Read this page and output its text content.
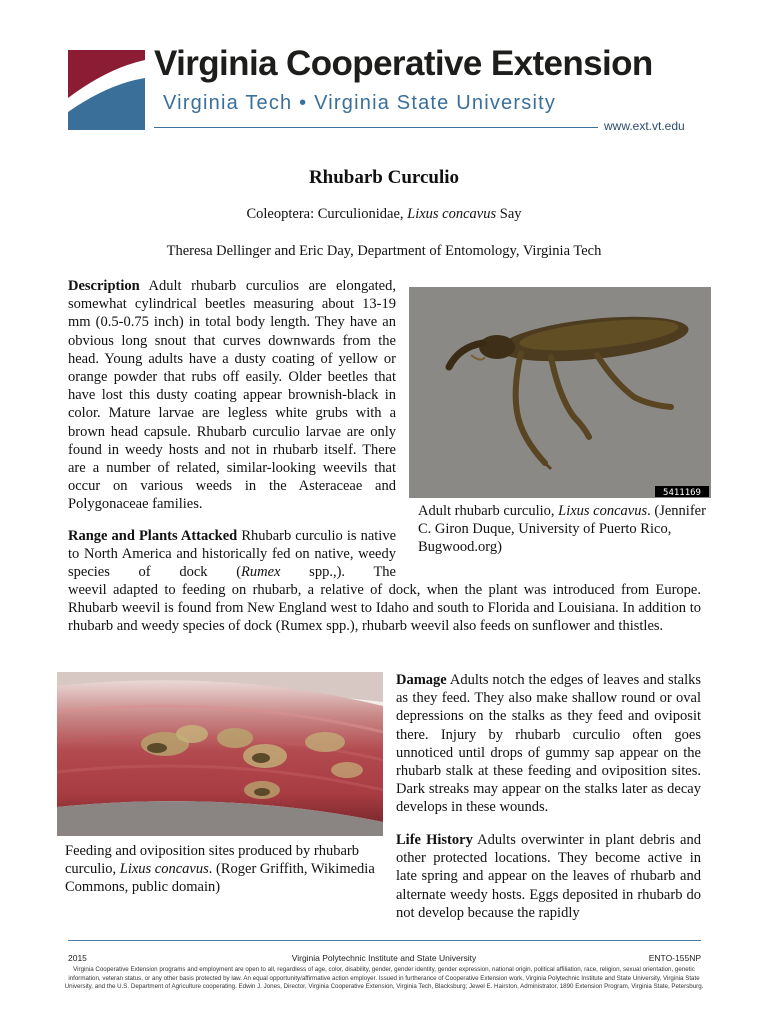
Virginia Cooperative Extension
Virginia Tech • Virginia State University
www.ext.vt.edu
Rhubarb Curculio
Coleoptera: Curculionidae, Lixus concavus Say
Theresa Dellinger and Eric Day, Department of Entomology, Virginia Tech
Description Adult rhubarb curculios are elongated, somewhat cylindrical beetles measuring about 13-19 mm (0.5-0.75 inch) in total body length. They have an obvious long snout that curves downwards from the head. Young adults have a dusty coating of yellow or orange powder that rubs off easily. Older beetles that have lost this dusty coating appear brownish-black in color. Mature larvae are legless white grubs with a brown head capsule. Rhubarb curculio larvae are only found in weedy hosts and not in rhubarb itself. There are a number of related, similar-looking weevils that occur on various weeds in the Asteraceae and Polygonaceae families.
5411169
Adult rhubarb curculio, Lixus concavus. (Jennifer C. Giron Duque, University of Puerto Rico, Bugwood.org)
Range and Plants Attacked Rhubarb curculio is native to North America and historically fed on native, weedy species of dock (Rumex spp.,). The
weevil adapted to feeding on rhubarb, a relative of dock, when the plant was introduced from Europe. Rhubarb weevil is found from New England west to Idaho and south to Florida and Louisiana. In addition to rhubarb and weedy species of dock (Rumex spp.), rhubarb weevil also feeds on sunflower and thistles.
Feeding and oviposition sites produced by rhubarb curculio, Lixus concavus. (Roger Griffith, Wikimedia Commons, public domain)
Damage Adults notch the edges of leaves and stalks as they feed. They also make shallow round or oval depressions on the stalks as they feed and oviposit there. Injury by rhubarb curculio often goes unnoticed until drops of gummy sap appear on the rhubarb stalk at these feeding and oviposition sites. Dark streaks may appear on the stalks later as decay develops in these wounds.
Life History Adults overwinter in plant debris and other protected locations. They become active in late spring and appear on the leaves of rhubarb and alternate weedy hosts. Eggs deposited in rhubarb do not develop because the rapidly
2015	Virginia Polytechnic Institute and State University	ENTO-155NP
Virginia Cooperative Extension programs and employment are open to all, regardless of age, color, disability, gender, gender identity, gender expression, national origin, political affiliation, race, religion, sexual orientation, genetic information, veteran status, or any other basis protected by law. An equal opportunity/affirmative action employer. Issued in furtherance of Cooperative Extension work, Virginia Polytechnic Institute and State University, Virginia State University, and the U.S. Department of Agriculture cooperating. Edwin J. Jones, Director, Virginia Cooperative Extension, Virginia Tech, Blacksburg; Jewel E. Hairston, Administrator, 1890 Extension Program, Virginia State, Petersburg.
